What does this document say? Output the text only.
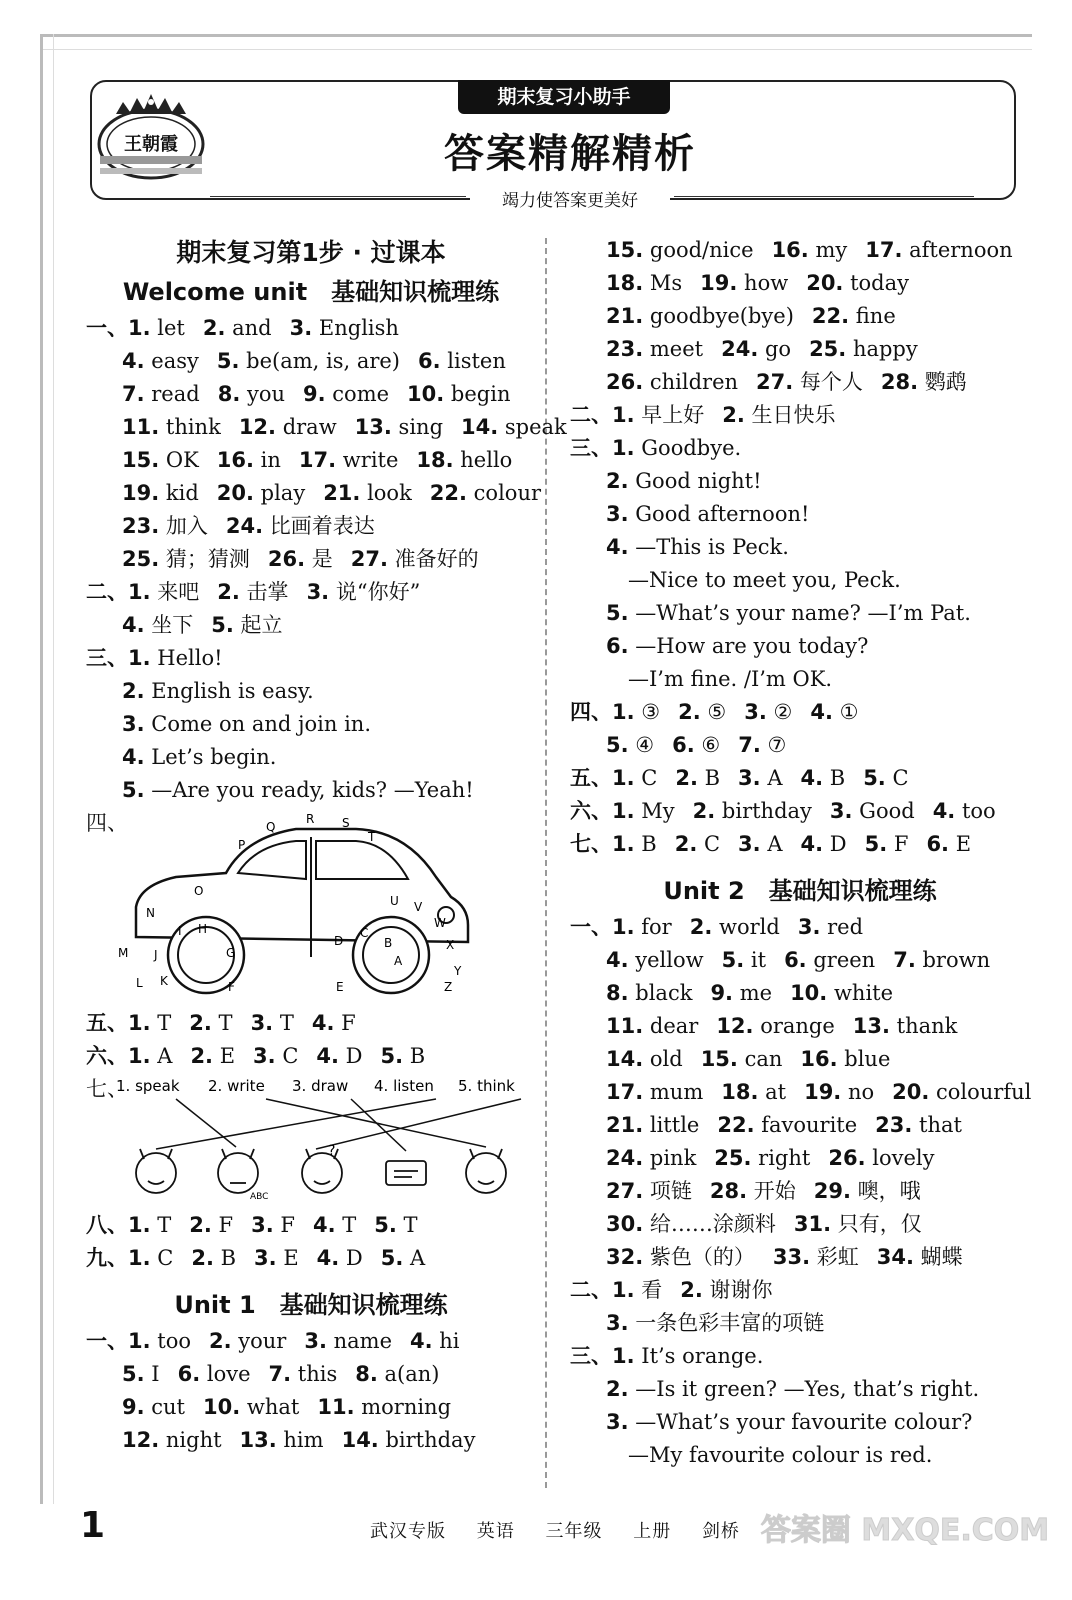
王朝霞
期末复习小助手
答案精解精析
竭力使答案更美好
期末复习第1步 · 过课本
Welcome unit　基础知识梳理练
一、1. let 2. and 3. English
4. easy 5. be(am, is, are) 6. listen
7. read 8. you 9. come 10. begin
11. think 12. draw 13. sing 14. speak
15. OK 16. in 17. write 18. hello
19. kid 20. play 21. look 22. colour
23. 加入 24. 比画着表达
25. 猜；猜测 26. 是 27. 准备好的
二、1. 来吧 2. 击掌 3. 说“你好”
4. 坐下 5. 起立
三、1. Hello!
2. English is easy.
3. Come on and join in.
4. Let’s begin.
5. —Are you ready, kids? —Yeah!
四、
P
Q
R S
T
O
U V
W
N
X
I H
D
C
B
M J	G
A
Y
L K	F	E	Z
五、1. T 2. T 3. T 4. F
六、1. A 2. E 3. C 4. D 5. B
七、
1. speak 2. write 3. draw 4. listen 5. think
ABC
?
八、1. T 2. F 3. F 4. T 5. T
九、1. C 2. B 3. E 4. D 5. A
Unit 1　基础知识梳理练
一、1. too 2. your 3. name 4. hi
5. I 6. love 7. this 8. a(an)
9. cut 10. what 11. morning
12. night 13. him 14. birthday
15. good/nice 16. my 17. afternoon
18. Ms 19. how 20. today
21. goodbye(bye) 22. fine
23. meet 24. go 25. happy
26. children 27. 每个人 28. 鹦鹉
二、1. 早上好 2. 生日快乐
三、1. Goodbye.
2. Good night!
3. Good afternoon!
4. —This is Peck.
—Nice to meet you, Peck.
5. —What’s your name? —I’m Pat.
6. —How are you today?
—I’m fine. /I’m OK.
四、1. ③ 2. ⑤ 3. ② 4. ①
5. ④ 6. ⑥ 7. ⑦
五、1. C 2. B 3. A 4. B 5. C
六、1. My 2. birthday 3. Good 4. too
七、1. B 2. C 3. A 4. D 5. F 6. E
Unit 2　基础知识梳理练
一、1. for 2. world 3. red
4. yellow 5. it 6. green 7. brown
8. black 9. me 10. white
11. dear 12. orange 13. thank
14. old 15. can 16. blue
17. mum 18. at 19. no 20. colourful
21. little 22. favourite 23. that
24. pink 25. right 26. lovely
27. 项链 28. 开始 29. 噢，哦
30. 给……涂颜料 31. 只有，仅
32. 紫色（的） 33. 彩虹 34. 蝴蝶
二、1. 看 2. 谢谢你
3. 一条色彩丰富的项链
三、1. It’s orange.
2. —Is it green? —Yes, that’s right.
3. —What’s your favourite colour?
—My favourite colour is red.
1	武汉专版 英语 三年级 上册 剑桥 答案圈 MXQE.COM
